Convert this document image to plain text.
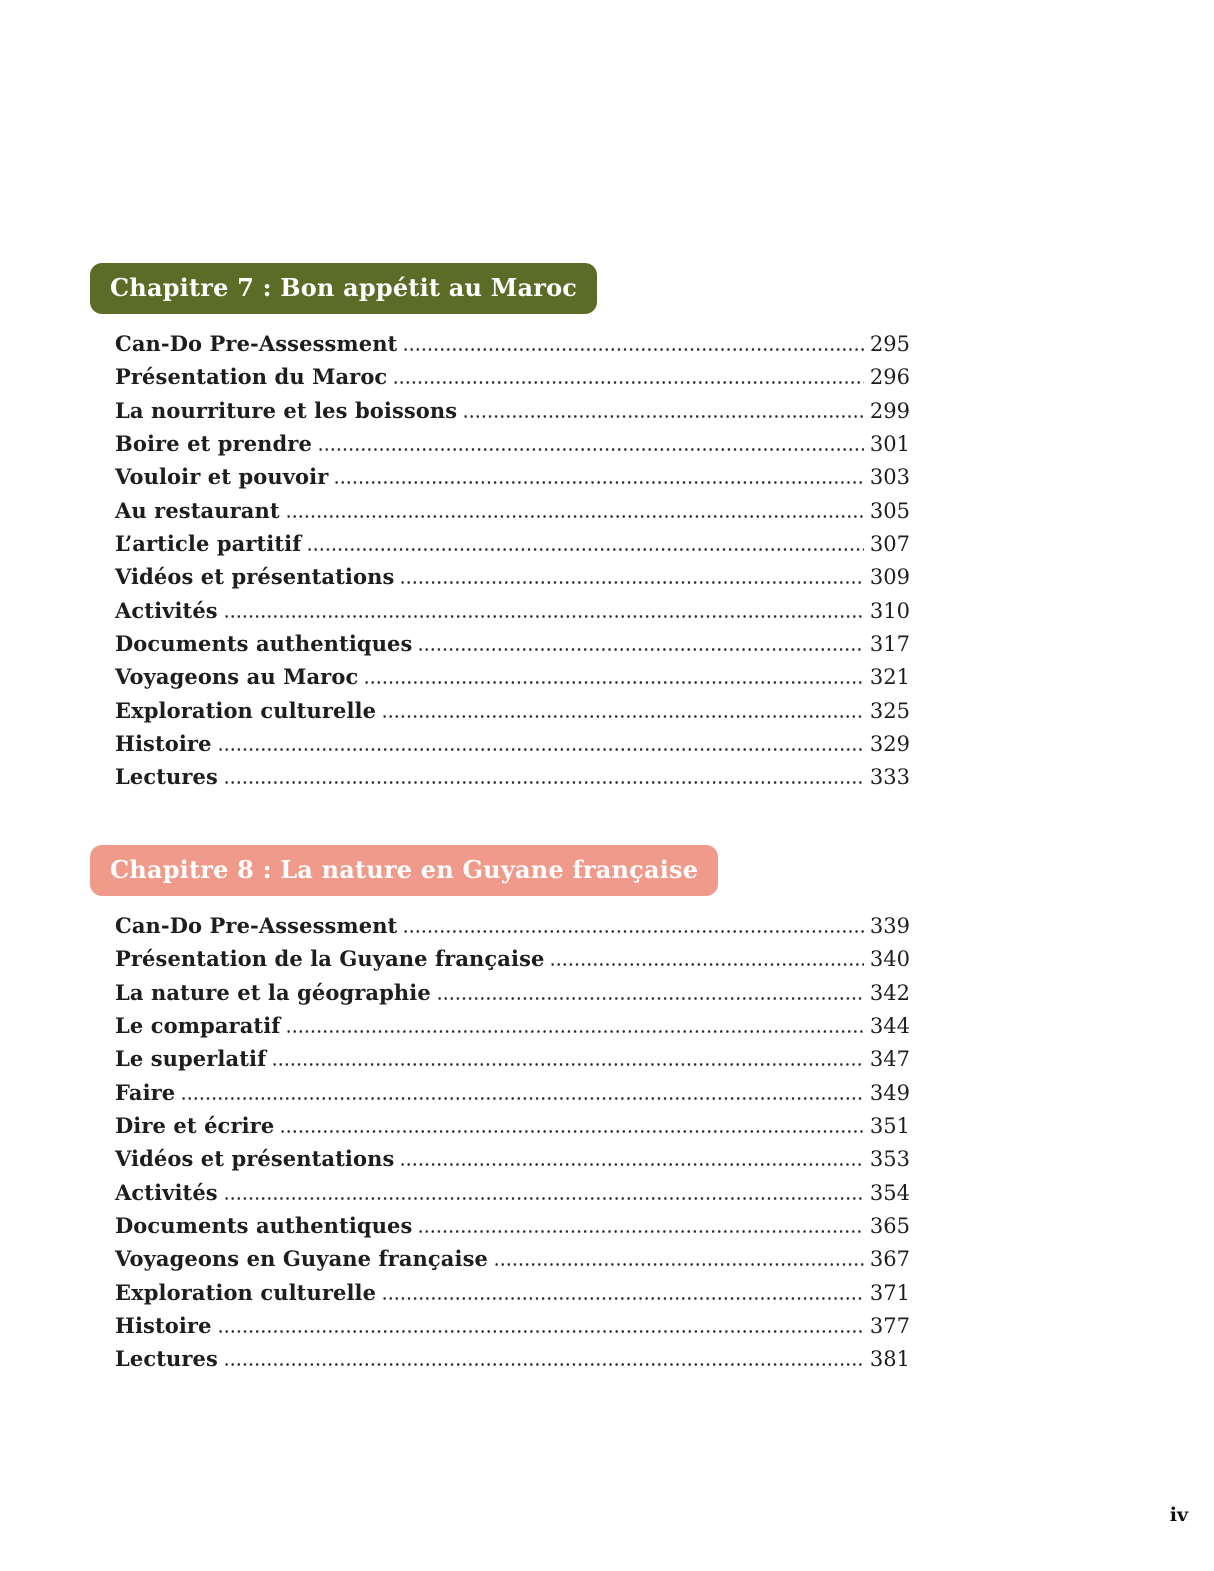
Chapitre 7 : Bon appétit au Maroc
Can-Do Pre-Assessment	295
Présentation du Maroc	296
La nourriture et les boissons	299
Boire et prendre	301
Vouloir et pouvoir	303
Au restaurant	305
L’article partitif	307
Vidéos et présentations	309
Activités	310
Documents authentiques	317
Voyageons au Maroc	321
Exploration culturelle	325
Histoire	329
Lectures	333
Chapitre 8 : La nature en Guyane française
Can-Do Pre-Assessment	339
Présentation de la Guyane française	340
La nature et la géographie	342
Le comparatif	344
Le superlatif	347
Faire	349
Dire et écrire	351
Vidéos et présentations	353
Activités	354
Documents authentiques	365
Voyageons en Guyane française	367
Exploration culturelle	371
Histoire	377
Lectures	381
iv
